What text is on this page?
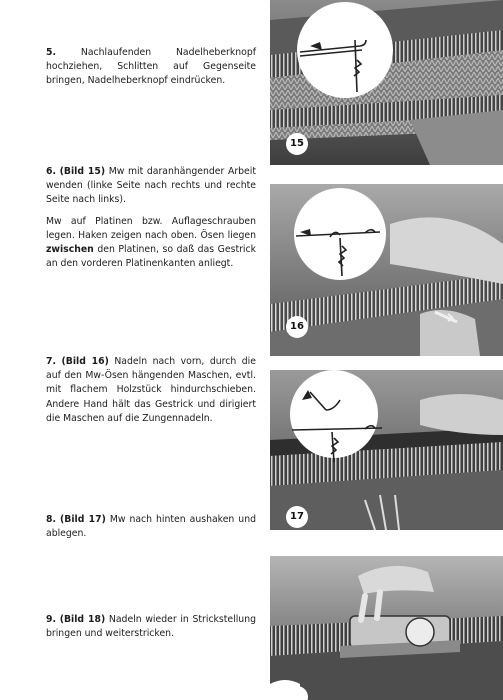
5. Nachlaufenden Nadelheberknopf hochziehen, Schlitten auf Gegenseite bringen, Nadelheberknopf eindrücken.

6. (Bild 15) Mw mit daranhängender Arbeit wenden (linke Seite nach rechts und rechte Seite nach links).

Mw auf Platinen bzw. Auflageschrauben legen. Haken zeigen nach oben. Ösen liegen zwischen den Platinen, so daß das Gestrick an den vorderen Platinenkanten anliegt.

7. (Bild 16) Nadeln nach vorn, durch die auf den Mw-Ösen hängenden Maschen, evtl. mit flachem Holzstück hindurchschieben. Andere Hand hält das Gestrick und dirigiert die Maschen auf die Zungennadeln.

8. (Bild 17) Mw nach hinten aushaken und ablegen.

9. (Bild 18) Nadeln wieder in Strickstellung bringen und weiterstricken.

15
16
17
